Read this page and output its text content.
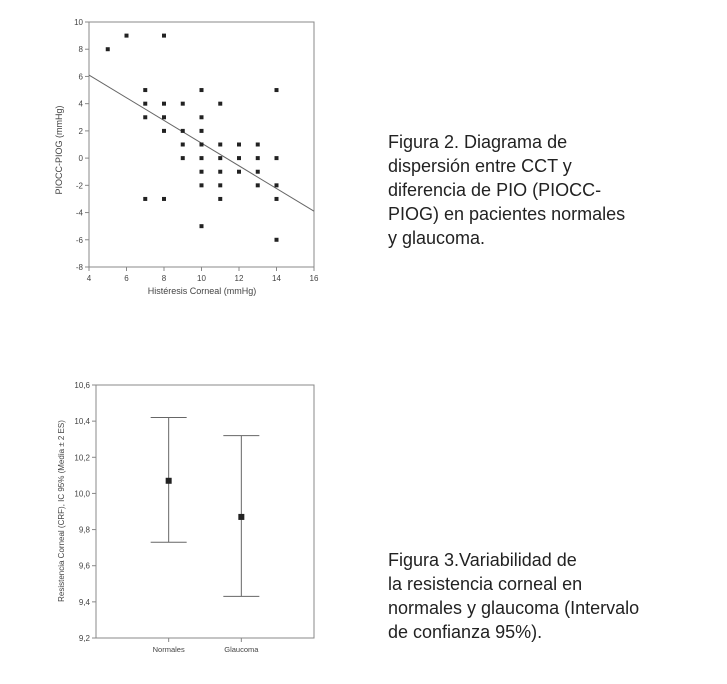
PIOCC-PIOG (mmHg)
Histéresis Corneal (mmHg)
4	6	8	10	12	14	16
10
8
6
4
2
0
-2
-4
-6
-8
Resistencia Corneal (CRF), IC 95% (Media ± 2 ES)
10,6
10,4
10,2
10,0
9,8
9,6
9,4
9,2
Normales	Glaucoma
Figura 2. Diagrama de
dispersión entre CCT y
diferencia de PIO (PIOCC-
PIOG) en pacientes normales
y glaucoma.
Figura 3.Variabilidad de
la resistencia corneal en
normales y glaucoma (Intervalo
de confianza 95%).
